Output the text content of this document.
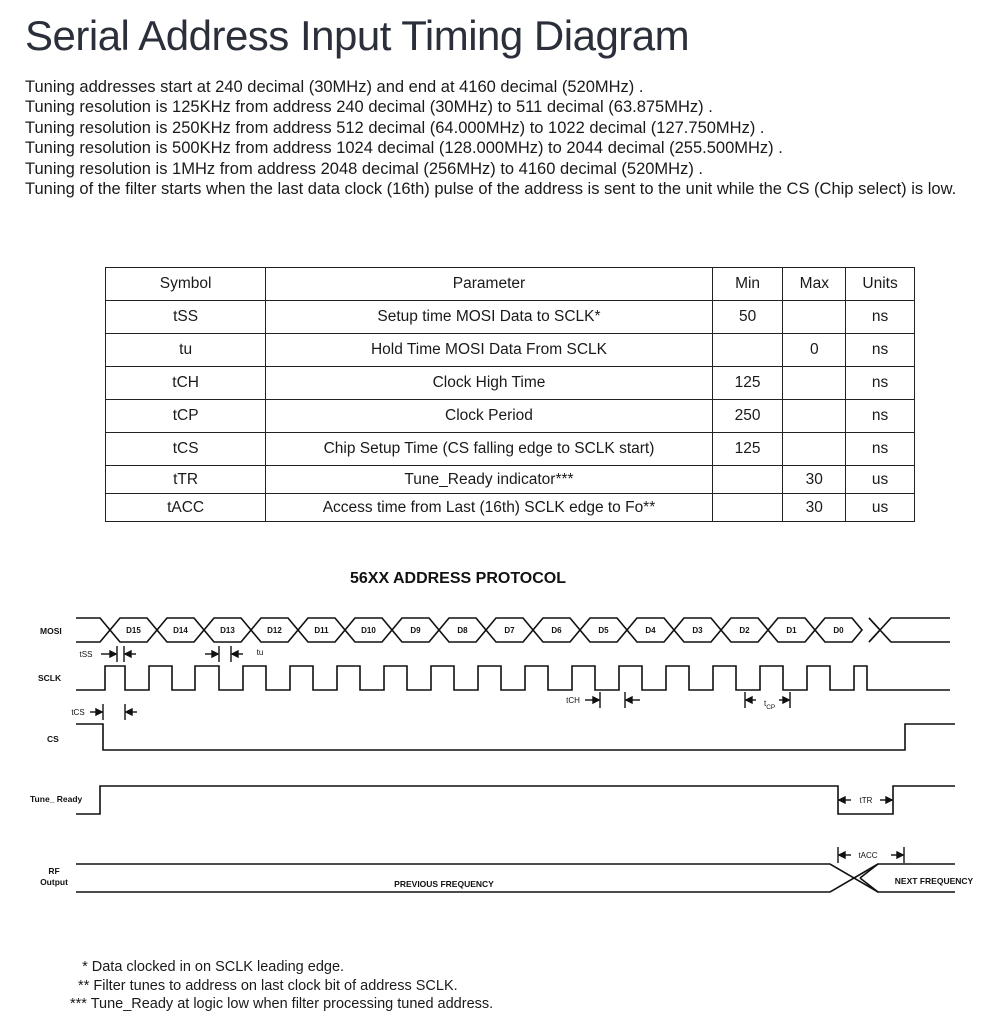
Serial Address Input Timing Diagram

Tuning addresses start at 240 decimal (30MHz) and end at 4160 decimal (520MHz) .

Tuning resolution is 125KHz from address 240 decimal (30MHz) to 511 decimal (63.875MHz) .

Tuning resolution is 250KHz from address 512 decimal (64.000MHz) to 1022 decimal (127.750MHz) .

Tuning resolution is 500KHz from address 1024 decimal (128.000MHz) to 2044 decimal (255.500MHz) .

Tuning resolution is 1MHz from address 2048 decimal (256MHz) to 4160 decimal (520MHz) .

Tuning of the filter starts when the last data clock (16th) pulse of the address is sent to the unit while the CS (Chip select) is low.

Symbol	Parameter	Min	Max	Units
tSS	Setup time MOSI Data to SCLK*	50		ns
tu	Hold Time MOSI Data From SCLK		0	ns
tCH	Clock High Time	125		ns
tCP	Clock Period	250		ns
tCS	Chip Setup Time (CS falling edge to SCLK start)	125		ns
tTR	Tune_Ready indicator***		30	us
tACC	Access time from Last (16th) SCLK edge to Fo**		30	us
56XX ADDRESS PROTOCOL
MOSI
SCLK
CS
Tune_ Ready
RF
Output
D15	D14	D13	D12	D11	D10	D9	D8	D7	D6	D5	D4	D3	D2	D1	D0
PREVIOUS FREQUENCY	NEXT FREQUENCY
tSS	tu
tCH	$t_{CP}$
tCS
tTR
tACC

* Data clocked in on SCLK leading edge.

** Filter tunes to address on last clock bit of address SCLK.

*** Tune_Ready at logic low when filter processing tuned address.
